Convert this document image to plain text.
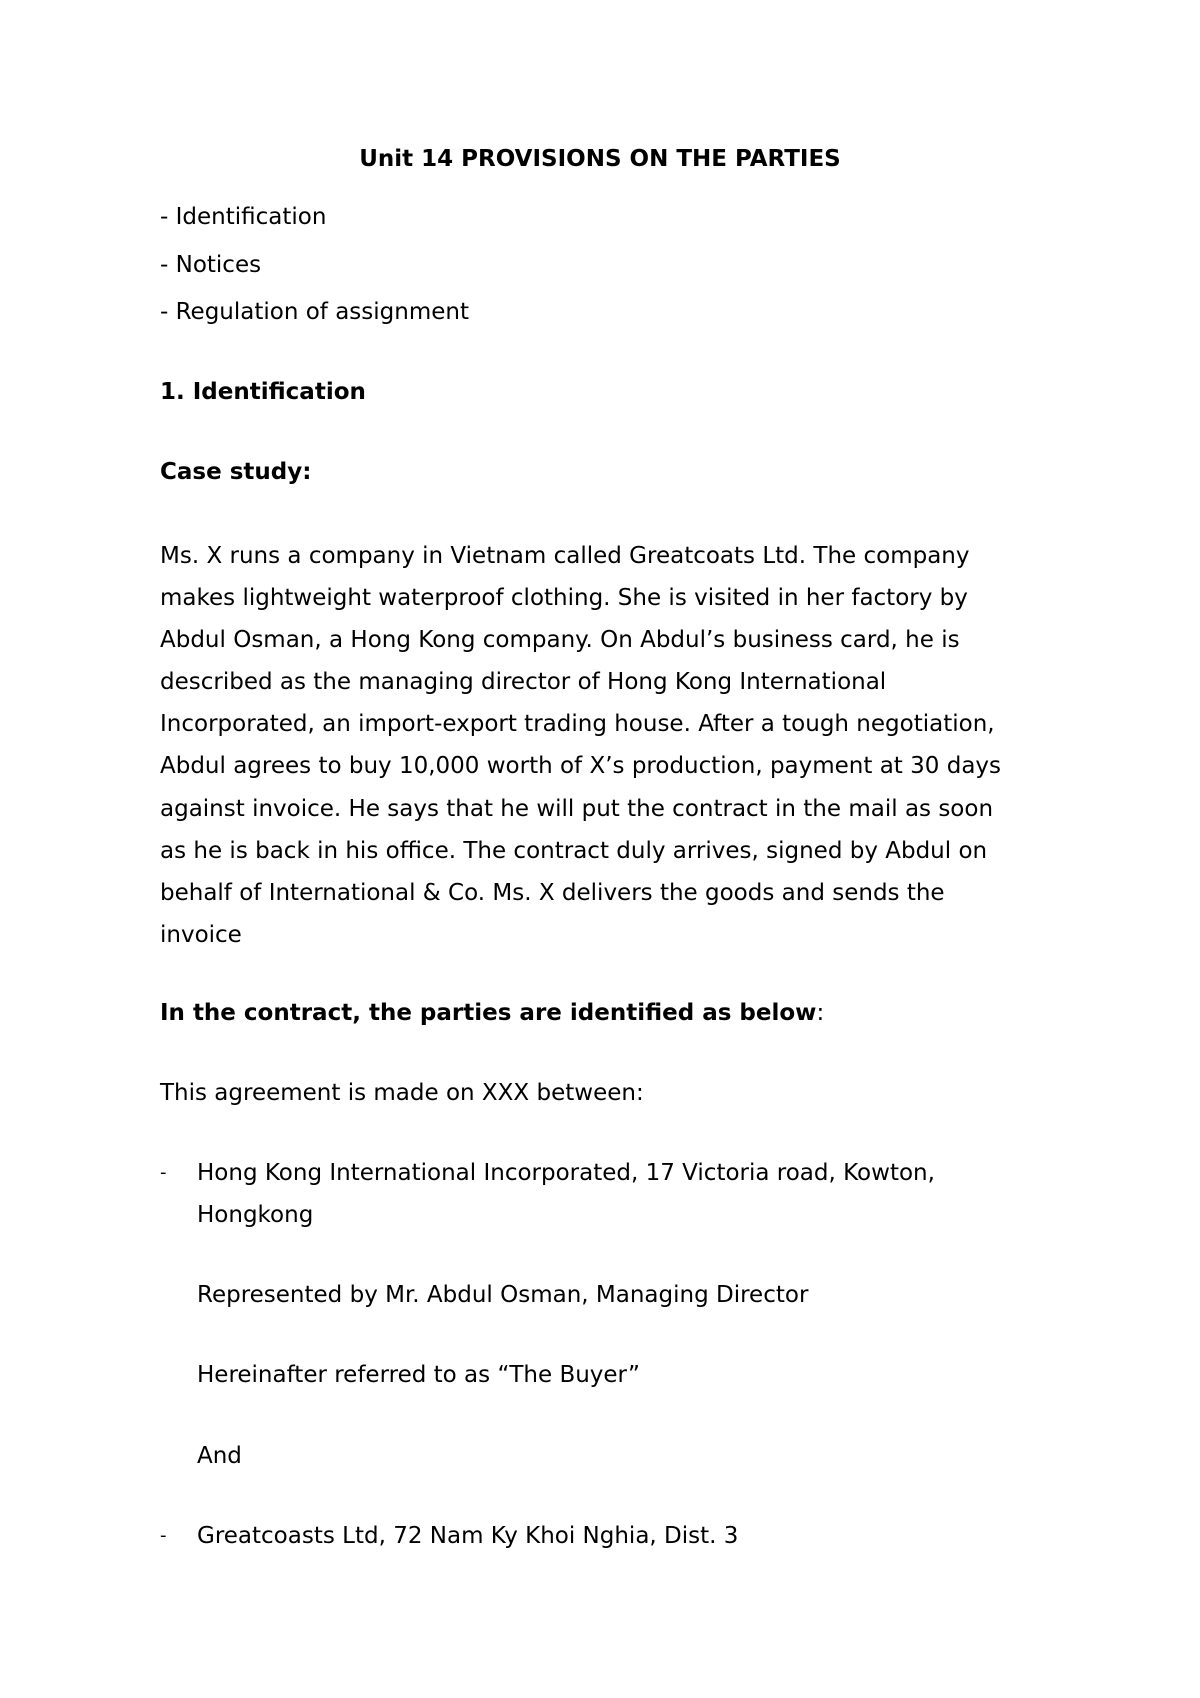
Unit 14 PROVISIONS ON THE PARTIES

- Identification

- Notices

- Regulation of assignment

1. Identification

Case study:

Ms. X runs a company in Vietnam called Greatcoats Ltd. The company
makes lightweight waterproof clothing. She is visited in her factory by
Abdul Osman, a Hong Kong company. On Abdul’s business card, he is
described as the managing director of Hong Kong International
Incorporated, an import-export trading house. After a tough negotiation,
Abdul agrees to buy 10,000 worth of X’s production, payment at 30 days
against invoice. He says that he will put the contract in the mail as soon
as he is back in his office. The contract duly arrives, signed by Abdul on
behalf of International & Co. Ms. X delivers the goods and sends the
invoice

In the contract, the parties are identified as below:

This agreement is made on XXX between:

- Hong Kong International Incorporated, 17 Victoria road, Kowton,

Hongkong

Represented by Mr. Abdul Osman, Managing Director

Hereinafter referred to as “The Buyer”

And

- Greatcoasts Ltd, 72 Nam Ky Khoi Nghia, Dist. 3
